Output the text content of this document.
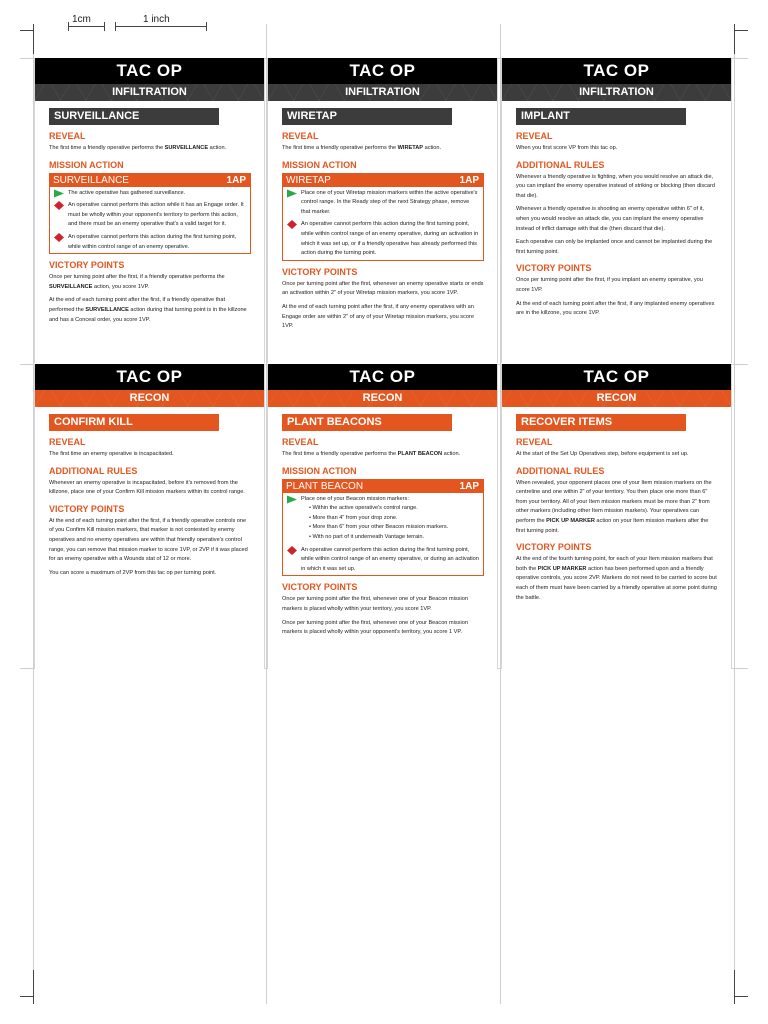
1cm	1 inch
TAC OP
INFILTRATION
SURVEILLANCE
REVEAL
The first time a friendly operative performs the SURVEILLANCE action.
MISSION ACTION
SURVEILLANCE	1AP
The active operative has gathered surveillance.
An operative cannot perform this action while it has an Engage order. It must be wholly within your opponent's territory to perform this action, and there must be an enemy operative that's a valid target for it.
An operative cannot perform this action during the first turning point, while within control range of an enemy operative.
VICTORY POINTS
Once per turning point after the first, if a friendly operative performs the SURVEILLANCE action, you score 1VP.
At the end of each turning point after the first, if a friendly operative that performed the SURVEILLANCE action during that turning point is in the killzone and has a Conceal order, you score 1VP.
TAC OP
INFILTRATION
WIRETAP
REVEAL
The first time a friendly operative performs the WIRETAP action.
MISSION ACTION
WIRETAP	1AP
Place one of your Wiretap mission markers within the active operative's control range. In the Ready step of the next Strategy phase, remove that marker.
An operative cannot perform this action during the first turning point, while within control range of an enemy operative, during an activation in which it was set up, or if a friendly operative has already performed this action during the turning point.
VICTORY POINTS
Once per turning point after the first, whenever an enemy operative starts or ends an activation within 2" of your Wiretap mission markers, you score 1VP.
At the end of each turning point after the first, if any enemy operatives with an Engage order are within 2" of any of your Wiretap mission markers, you score 1VP.
TAC OP
INFILTRATION
IMPLANT
REVEAL
When you first score VP from this tac op.
ADDITIONAL RULES
Whenever a friendly operative is fighting, when you would resolve an attack die, you can implant the enemy operative instead of striking or blocking (then discard that die).
Whenever a friendly operative is shooting an enemy operative within 6" of it, when you would resolve an attack die, you can implant the enemy operative instead of inflict damage with that die (then discard that die).
Each operative can only be implanted once and cannot be implanted during the first turning point.
VICTORY POINTS
Once per turning point after the first, if you implant an enemy operative, you score 1VP.
At the end of each turning point after the first, if any implanted enemy operatives are in the killzone, you score 1VP.
TAC OP
RECON
CONFIRM KILL
REVEAL
The first time an enemy operative is incapacitated.
ADDITIONAL RULES
Whenever an enemy operative is incapacitated, before it's removed from the killzone, place one of your Confirm Kill mission markers within its control range.
VICTORY POINTS
At the end of each turning point after the first, if a friendly operative controls one of you Confirm Kill mission markers, that marker is not contested by enemy operatives and no enemy operatives are within that friendly operative's control range, you can remove that mission marker to score 1VP, or 2VP if it was placed for an enemy operative with a Wounds stat of 12 or more.
You can score a maximum of 2VP from this tac op per turning point.
TAC OP
RECON
PLANT BEACONS
REVEAL
The first time a friendly operative performs the PLANT BEACON action.
MISSION ACTION
PLANT BEACON	1AP
Place one of your Beacon mission markers:
• Within the active operative's control range.
• More than 4" from your drop zone.
• More than 6" from your other Beacon mission markers.
• With no part of it underneath Vantage terrain.
An operative cannot perform this action during the first turning point, while within control range of an enemy operative, or during an activation in which it was set up.
VICTORY POINTS
Once per turning point after the first, whenever one of your Beacon mission markers is placed wholly within your territory, you score 1VP.
Once per turning point after the first, whenever one of your Beacon mission markers is placed wholly within your opponent's territory, you score 1 VP.
TAC OP
RECON
RECOVER ITEMS
REVEAL
At the start of the Set Up Operatives step, before equipment is set up.
ADDITIONAL RULES
When revealed, your opponent places one of your Item mission markers on the centreline and one within 2" of your territory. You then place one more than 6" from your territory. All of your Item mission markers must be more than 2" from other markers (including other Item mission markers). Your operatives can perform the PICK UP MARKER action on your Item mission markers after the first turning point.
VICTORY POINTS
At the end of the fourth turning point, for each of your Item mission markers that both the PICK UP MARKER action has been performed upon and a friendly operative controls, you score 2VP. Markers do not need to be carried to score but each of them must have been carried by a friendly operative at some point during the battle.
